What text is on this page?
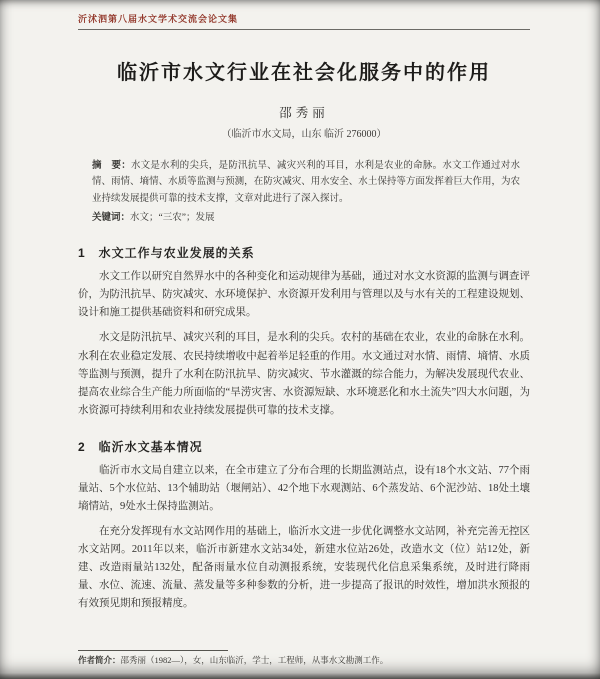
沂沭泗第八届水文学术交流会论文集
临沂市水文行业在社会化服务中的作用
邵秀丽
（临沂市水文局，山东 临沂 276000）
摘　要：水文是水利的尖兵，是防汛抗旱、减灾兴利的耳目，水利是农业的命脉。水文工作通过对水情、雨情、墒情、水质等监测与预测，在防灾减灾、用水安全、水土保持等方面发挥着巨大作用，为农业持续发展提供可靠的技术支撑，文章对此进行了深入探讨。
关键词：水文；“三农”；发展
1　水文工作与农业发展的关系

水文工作以研究自然界水中的各种变化和运动规律为基础，通过对水文水资源的监测与调查评价，为防汛抗旱、防灾减灾、水环境保护、水资源开发利用与管理以及与水有关的工程建设规划、设计和施工提供基础资料和研究成果。

水文是防汛抗旱、减灾兴利的耳目，是水利的尖兵。农村的基础在农业，农业的命脉在水利。水利在农业稳定发展、农民持续增收中起着举足轻重的作用。水文通过对水情、雨情、墒情、水质等监测与预测，提升了水利在防汛抗旱、防灾减灾、节水灌溉的综合能力，为解决发展现代农业、提高农业综合生产能力所面临的“旱涝灾害、水资源短缺、水环境恶化和水土流失”四大水问题，为水资源可持续利用和农业持续发展提供可靠的技术支撑。

2　临沂水文基本情况

临沂市水文局自建立以来，在全市建立了分布合理的长期监测站点，设有18个水文站、77个雨量站、5个水位站、13个辅助站（堰闸站）、42个地下水观测站、6个蒸发站、6个泥沙站、18处土壤墒情站，9处水土保持监测站。

在充分发挥现有水文站网作用的基础上，临沂水文进一步优化调整水文站网，补充完善无控区水文站网。2011年以来，临沂市新建水文站34处，新建水位站26处，改造水文（位）站12处，新建、改造雨量站132处，配备雨量水位自动测报系统，安装现代化信息采集系统，及时进行降雨量、水位、流速、流量、蒸发量等多种参数的分析，进一步提高了报讯的时效性，增加洪水预报的有效预见期和预报精度。

作者简介：邵秀丽（1982—），女，山东临沂，学士，工程师，从事水文勘测工作。
